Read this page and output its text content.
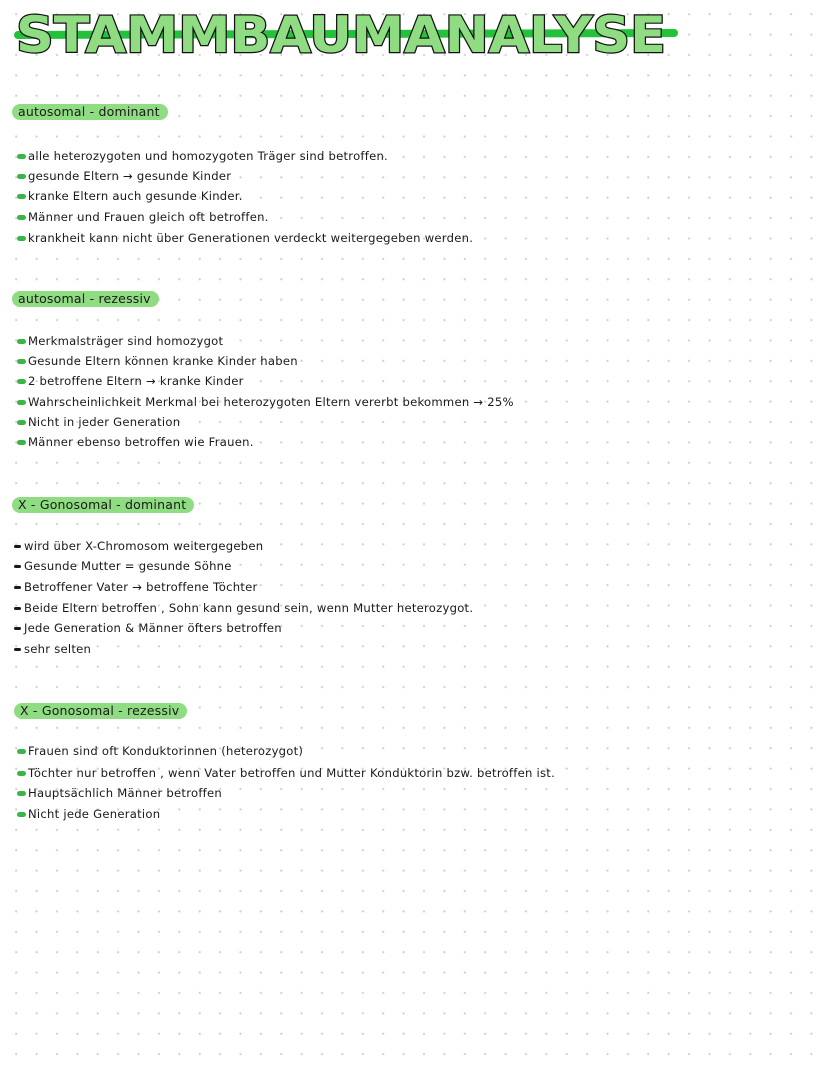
STAMMBAUMANALYSE
autosomal - dominant
alle heterozygoten und homozygoten Träger sind betroffen.
gesunde Eltern → gesunde Kinder
kranke Eltern auch gesunde Kinder.
Männer und Frauen gleich oft betroffen.
krankheit kann nicht über Generationen verdeckt weitergegeben werden.
autosomal - rezessiv
Merkmalsträger sind homozygot
Gesunde Eltern können kranke Kinder haben
2 betroffene Eltern → kranke Kinder
Wahrscheinlichkeit Merkmal bei heterozygoten Eltern vererbt bekommen → 25%
Nicht in jeder Generation
Männer ebenso betroffen wie Frauen.
X - Gonosomal - dominant
wird über X-Chromosom weitergegeben
Gesunde Mutter = gesunde Söhne
Betroffener Vater → betroffene Töchter
Beide Eltern betroffen , Sohn kann gesund sein, wenn Mutter heterozygot.
Jede Generation & Männer öfters betroffen
sehr selten
X - Gonosomal - rezessiv
Frauen sind oft Konduktorinnen (heterozygot)
Töchter nur betroffen , wenn Vater betroffen und Mutter Konduktorin bzw. betroffen ist.
Hauptsächlich Männer betroffen
Nicht jede Generation
